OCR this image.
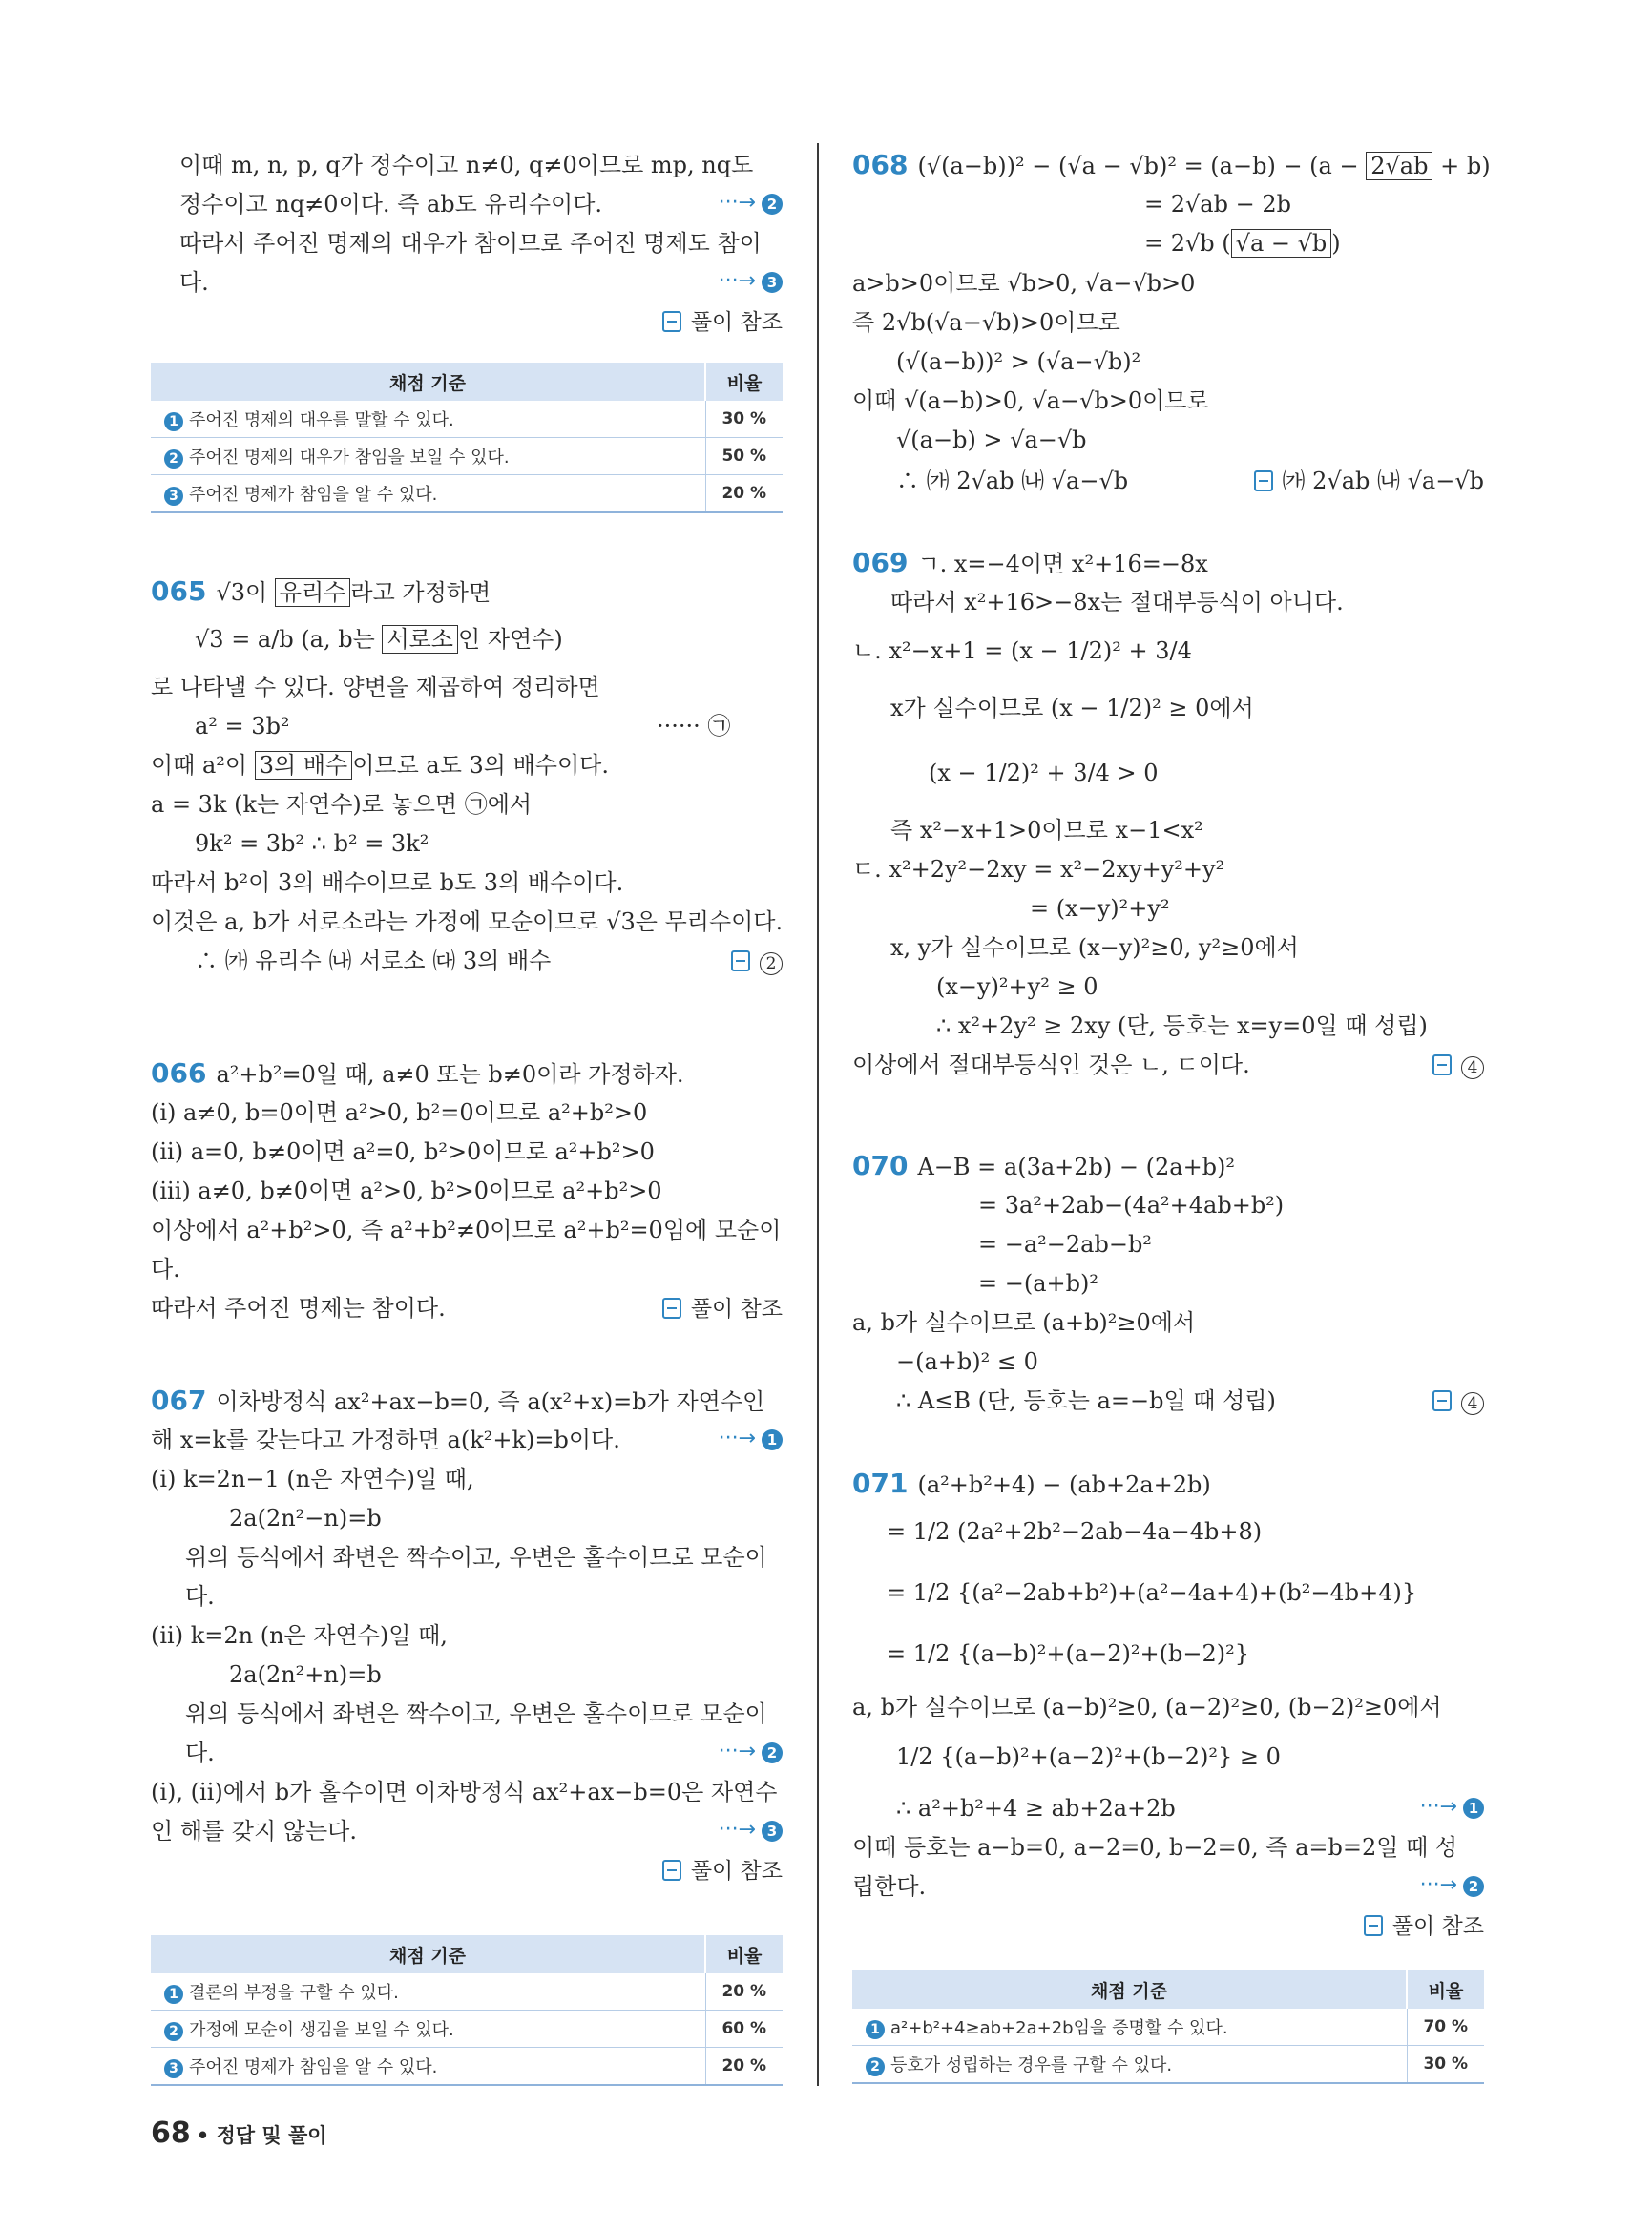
이때 m, n, p, q가 정수이고 n≠0, q≠0이므로 mp, nq도
정수이고 nq≠0이다. 즉 ab도 유리수이다.	···→ 2
따라서 주어진 명제의 대우가 참이므로 주어진 명제도 참이
다.	···→ 3
풀이 참조
채점 기준	비율
1 주어진 명제의 대우를 말할 수 있다.	30 %
2 주어진 명제의 대우가 참임을 보일 수 있다.	50 %
3 주어진 명제가 참임을 알 수 있다.	20 %
065 √3이 유리수 라고 가정하면
√3 = a/b (a, b는 서로소 인 자연수)
로 나타낼 수 있다. 양변을 제곱하여 정리하면
a² = 3b²	······ ㉠
이때 a²이 3의 배수 이므로 a도 3의 배수이다.
a = 3k (k는 자연수)로 놓으면 ㉠에서
9k² = 3b² ∴ b² = 3k²
따라서 b²이 3의 배수이므로 b도 3의 배수이다.
이것은 a, b가 서로소라는 가정에 모순이므로 √3은 무리수이다.
∴ ㈎ 유리수 ㈏ 서로소 ㈐ 3의 배수	2
066 a²+b²=0일 때, a≠0 또는 b≠0이라 가정하자.
(i) a≠0, b=0이면 a²>0, b²=0이므로 a²+b²>0
(ii) a=0, b≠0이면 a²=0, b²>0이므로 a²+b²>0
(iii) a≠0, b≠0이면 a²>0, b²>0이므로 a²+b²>0
이상에서 a²+b²>0, 즉 a²+b²≠0이므로 a²+b²=0임에 모순이
다.
따라서 주어진 명제는 참이다.	풀이 참조
067 이차방정식 ax²+ax−b=0, 즉 a(x²+x)=b가 자연수인
해 x=k를 갖는다고 가정하면 a(k²+k)=b이다.	···→ 1
(i) k=2n−1 (n은 자연수)일 때,
2a(2n²−n)=b
위의 등식에서 좌변은 짝수이고, 우변은 홀수이므로 모순이
다.
(ii) k=2n (n은 자연수)일 때,
2a(2n²+n)=b
위의 등식에서 좌변은 짝수이고, 우변은 홀수이므로 모순이
다.	···→ 2
(i), (ii)에서 b가 홀수이면 이차방정식 ax²+ax−b=0은 자연수
인 해를 갖지 않는다.	···→ 3
풀이 참조
채점 기준	비율
1 결론의 부정을 구할 수 있다.	20 %
2 가정에 모순이 생김을 보일 수 있다.	60 %
3 주어진 명제가 참임을 알 수 있다.	20 %
068 (√(a−b))² − (√a − √b)² = (a−b) − (a − 2√ab + b)
= 2√ab − 2b
= 2√b ( √a − √b )
a>b>0이므로 √b>0, √a−√b>0
즉 2√b(√a−√b)>0이므로
(√(a−b))² > (√a−√b)²
이때 √(a−b)>0, √a−√b>0이므로
√(a−b) > √a−√b
∴ ㈎ 2√ab ㈏ √a−√b	㈎ 2√ab ㈏ √a−√b
069 ㄱ. x=−4이면 x²+16=−8x
따라서 x²+16>−8x는 절대부등식이 아니다.
ㄴ. x²−x+1 = (x − 1/2)² + 3/4
x가 실수이므로 (x − 1/2)² ≥ 0에서
(x − 1/2)² + 3/4 > 0
즉 x²−x+1>0이므로 x−1<x²
ㄷ. x²+2y²−2xy = x²−2xy+y²+y²
= (x−y)²+y²
x, y가 실수이므로 (x−y)²≥0, y²≥0에서
(x−y)²+y² ≥ 0
∴ x²+2y² ≥ 2xy (단, 등호는 x=y=0일 때 성립)
이상에서 절대부등식인 것은 ㄴ, ㄷ이다.	4
070 A−B = a(3a+2b) − (2a+b)²
= 3a²+2ab−(4a²+4ab+b²)
= −a²−2ab−b²
= −(a+b)²
a, b가 실수이므로 (a+b)²≥0에서
−(a+b)² ≤ 0
∴ A≤B (단, 등호는 a=−b일 때 성립)	4
071 (a²+b²+4) − (ab+2a+2b)
= 1/2 (2a²+2b²−2ab−4a−4b+8)
= 1/2 {(a²−2ab+b²)+(a²−4a+4)+(b²−4b+4)}
= 1/2 {(a−b)²+(a−2)²+(b−2)²}
a, b가 실수이므로 (a−b)²≥0, (a−2)²≥0, (b−2)²≥0에서
1/2 {(a−b)²+(a−2)²+(b−2)²} ≥ 0
∴ a²+b²+4 ≥ ab+2a+2b	···→ 1
이때 등호는 a−b=0, a−2=0, b−2=0, 즉 a=b=2일 때 성
립한다.	···→ 2
풀이 참조
채점 기준	비율
1 a²+b²+4≥ab+2a+2b임을 증명할 수 있다.	70 %
2 등호가 성립하는 경우를 구할 수 있다.	30 %
68 • 정답 및 풀이
